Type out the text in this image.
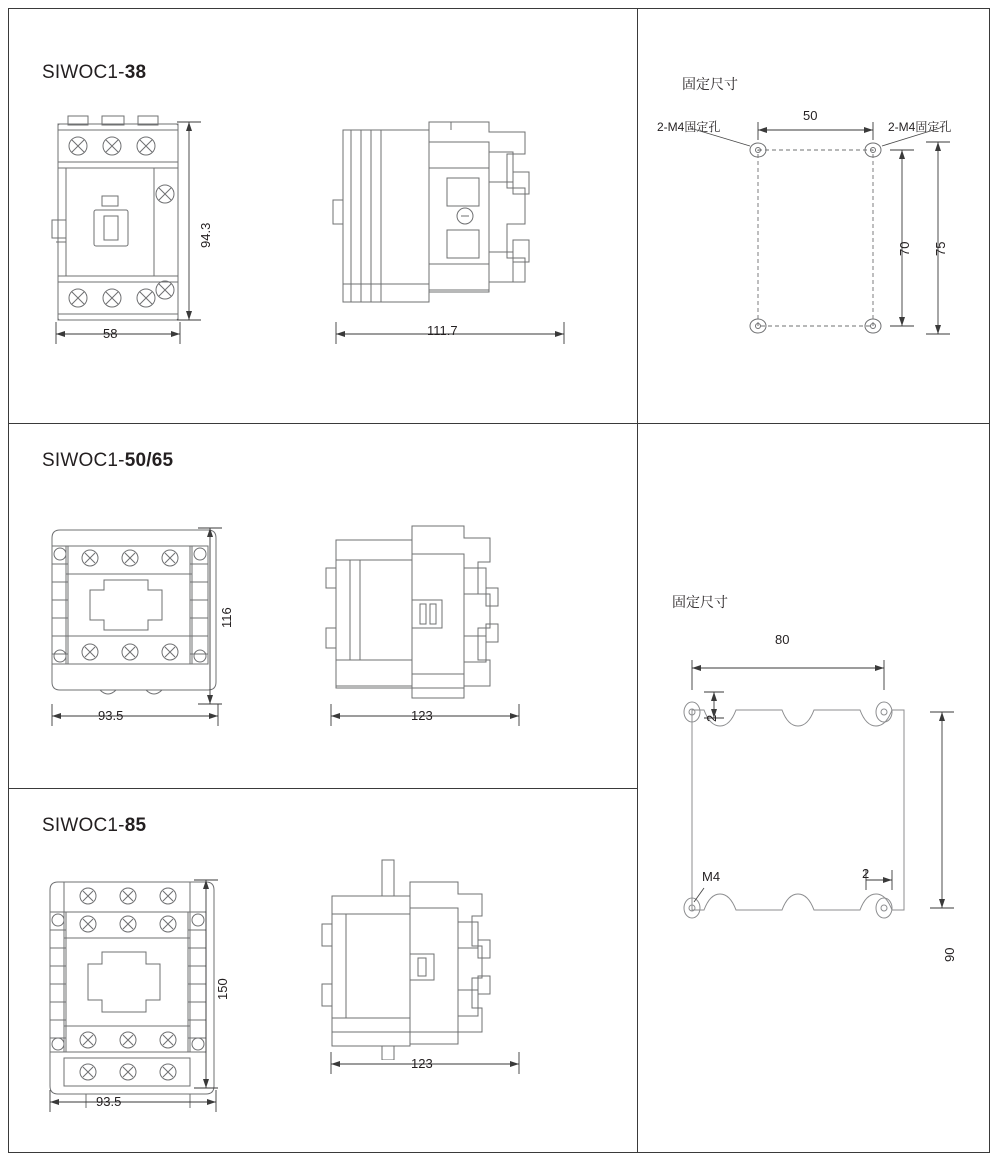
SIWOC1-38
94.3
58	111.7
固定尺寸
2-M4固定孔	2-M4固定孔
50
70 75
SIWOC1-50/65
116
93.5	123
SIWOC1-85
150
93.5
123
固定尺寸
80
90
2
2
M4
